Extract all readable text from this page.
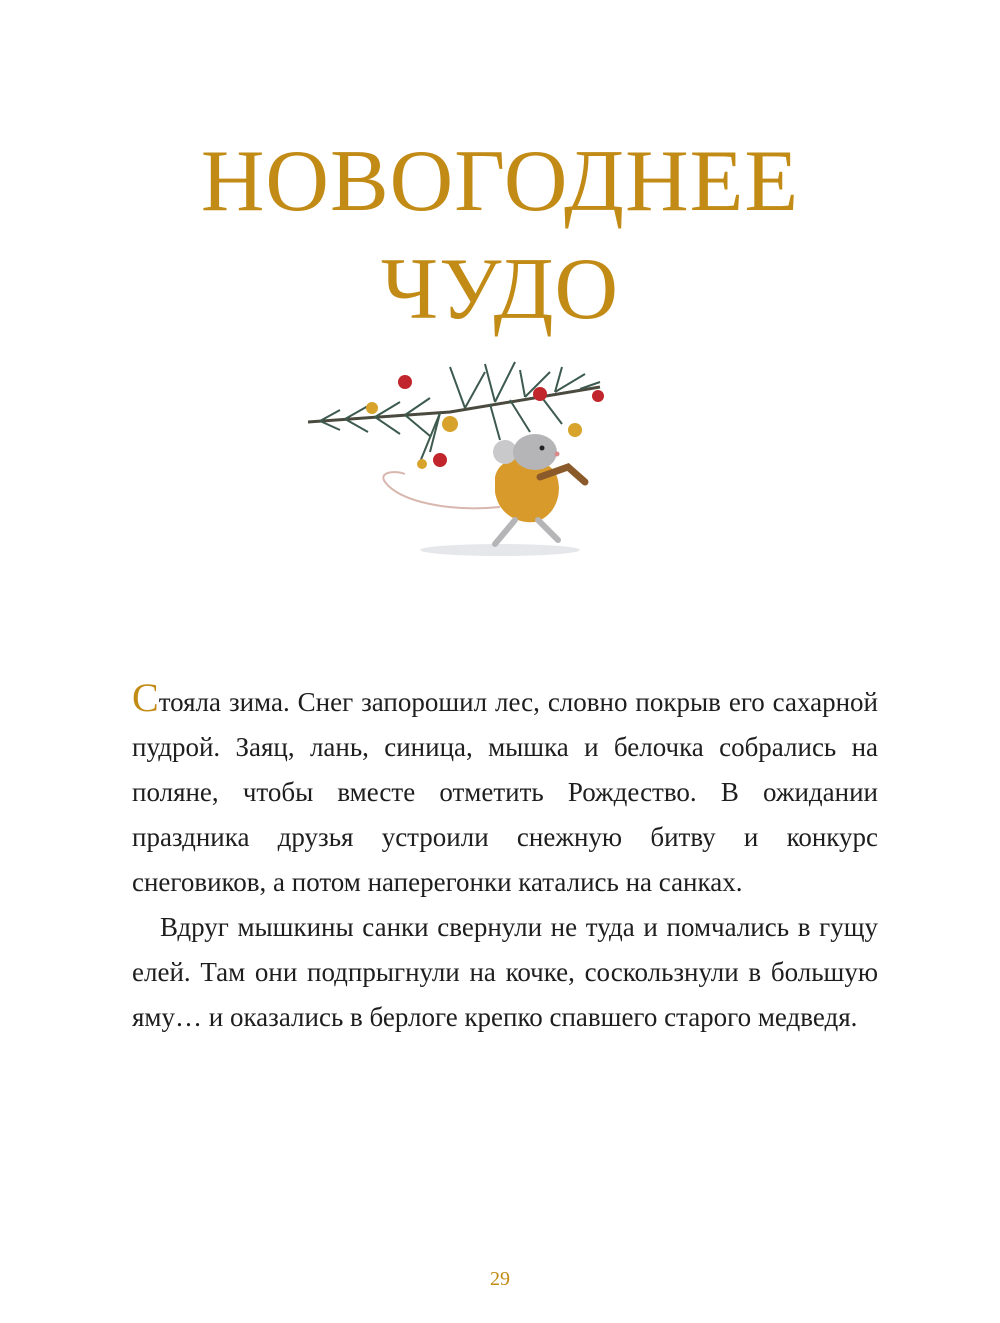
НОВОГОДНЕЕ
ЧУДО

Стояла зима. Снег запорошил лес, словно покрыв его сахарной пудрой. Заяц, лань, синица, мышка и белочка собрались на поляне, чтобы вместе отметить Рождество. В ожидании праздника друзья устроили снежную битву и конкурс снеговиков, а потом наперегонки катались на санках.

Вдруг мышкины санки свернули не туда и помчались в гущу елей. Там они подпрыгнули на кочке, соскользнули в большую яму… и оказались в берлоге крепко спавшего старого медведя.

29
